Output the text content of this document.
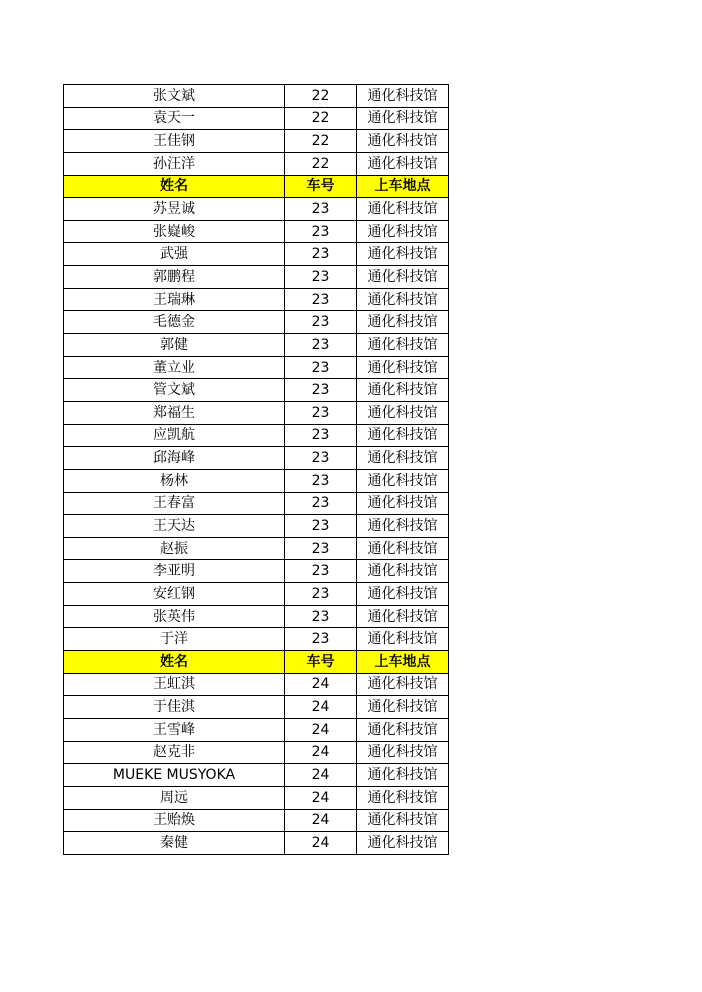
张文斌	22	通化科技馆
袁天一	22	通化科技馆
王佳钢	22	通化科技馆
孙汪洋	22	通化科技馆
姓名	车号	上车地点
苏昱诚	23	通化科技馆
张嶷峻	23	通化科技馆
武强	23	通化科技馆
郭鹏程	23	通化科技馆
王瑞琳	23	通化科技馆
毛德金	23	通化科技馆
郭健	23	通化科技馆
董立业	23	通化科技馆
管文斌	23	通化科技馆
郑福生	23	通化科技馆
应凯航	23	通化科技馆
邱海峰	23	通化科技馆
杨林	23	通化科技馆
王春富	23	通化科技馆
王天达	23	通化科技馆
赵振	23	通化科技馆
李亚明	23	通化科技馆
安红钢	23	通化科技馆
张英伟	23	通化科技馆
于洋	23	通化科技馆
姓名	车号	上车地点
王虹淇	24	通化科技馆
于佳淇	24	通化科技馆
王雪峰	24	通化科技馆
赵克非	24	通化科技馆
MUEKE MUSYOKA	24	通化科技馆
周远	24	通化科技馆
王贻焕	24	通化科技馆
秦健	24	通化科技馆
